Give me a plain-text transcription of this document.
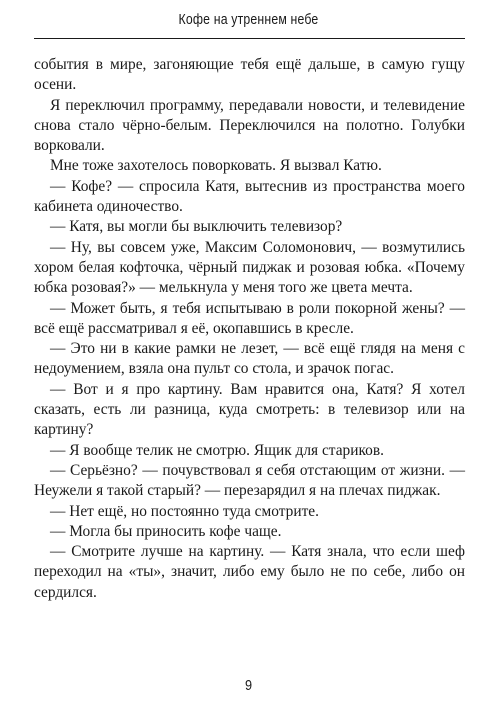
Кофе на утреннем небе

события в мире, загоняющие тебя ещё дальше, в самую гущу осени.

Я переключил программу, передавали новости, и телевидение снова стало чёрно-белым. Переключился на полотно. Голубки ворковали.

Мне тоже захотелось поворковать. Я вызвал Катю.

— Кофе? — спросила Катя, вытеснив из пространства моего кабинета одиночество.

— Катя, вы могли бы выключить телевизор?

— Ну, вы совсем уже, Максим Соломонович, — возмутились хором белая кофточка, чёрный пиджак и розовая юбка. «Почему юбка розовая?» — мелькнула у меня того же цвета мечта.

— Может быть, я тебя испытываю в роли покорной жены? — всё ещё рассматривал я её, окопавшись в кресле.

— Это ни в какие рамки не лезет, — всё ещё глядя на меня с недоумением, взяла она пульт со стола, и зрачок погас.

— Вот и я про картину. Вам нравится она, Катя? Я хотел сказать, есть ли разница, куда смотреть: в телевизор или на картину?

— Я вообще телик не смотрю. Ящик для стариков.

— Серьёзно? — почувствовал я себя отстающим от жизни. — Неужели я такой старый? — перезарядил я на плечах пиджак.

— Нет ещё, но постоянно туда смотрите.

— Могла бы приносить кофе чаще.

— Смотрите лучше на картину. — Катя знала, что если шеф переходил на «ты», значит, либо ему было не по себе, либо он сердился.

9
